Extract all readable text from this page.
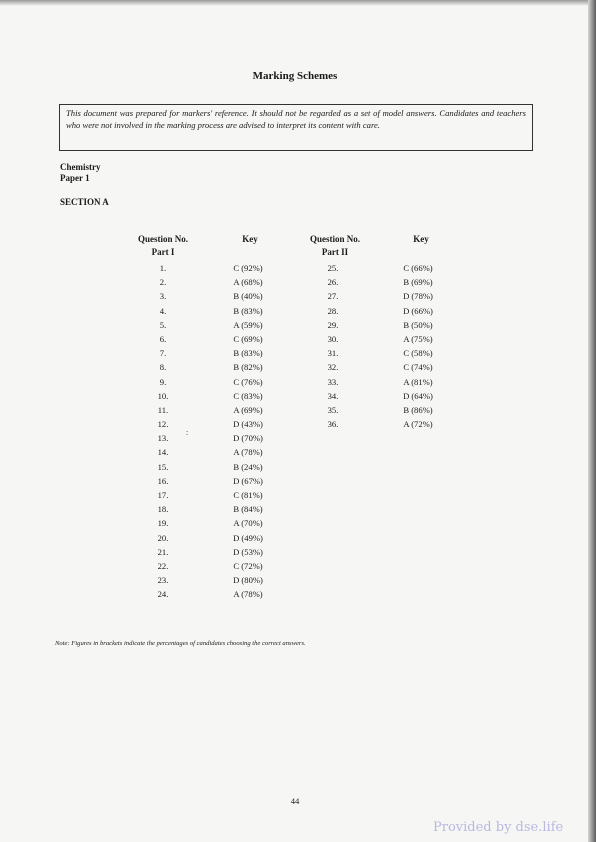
Marking Schemes
This document was prepared for markers' reference. It should not be regarded as a set of model answers. Candidates and teachers who were not involved in the marking process are advised to interpret its content with care.
Chemistry
Paper 1
SECTION A
Question No.
Part I
Key	Question No.
Part II
Key
1.
2.
3.
4.
5.
6.
7.
8.
9.
10.
11.
12.
13.
14.
15.
16.
17.
18.
19.
20.
21.
22.
23.
24.
C (92%)
A (68%)
B (40%)
B (83%)
A (59%)
C (69%)
B (83%)
B (82%)
C (76%)
C (83%)
A (69%)
D (43%)
D (70%)
A (78%)
B (24%)
D (67%)
C (81%)
B (84%)
A (70%)
D (49%)
D (53%)
C (72%)
D (80%)
A (78%)
25.
26.
27.
28.
29.
30.
31.
32.
33.
34.
35.
36.
C (66%)
B (69%)
D (78%)
D (66%)
B (50%)
A (75%)
C (58%)
C (74%)
A (81%)
D (64%)
B (86%)
A (72%)
:
Note: Figures in brackets indicate the percentages of candidates choosing the correct answers.
44
Provided by dse.life
